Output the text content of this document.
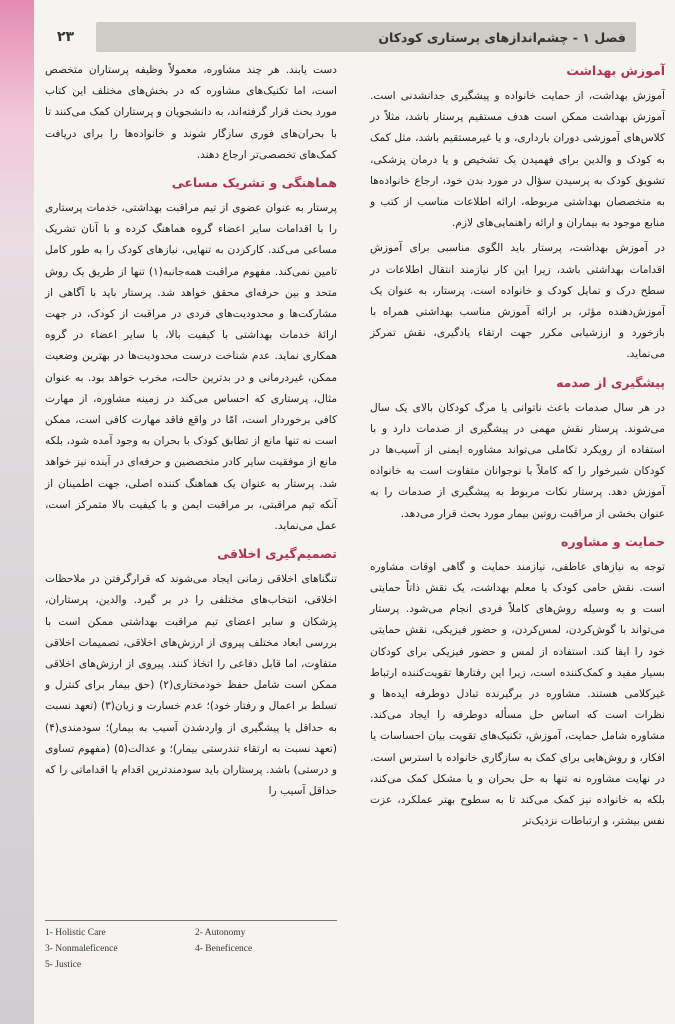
فصل ۱ - چشم‌اندازهای پرستاری کودکان
۲۳
آموزش بهداشت

آموزش بهداشت، از حمایت خانواده و پیشگیری جدانشدنی است. آموزش بهداشت ممکن است هدف مستقیم پرستار باشد، مثلاً در کلاس‌های آموزشی دوران بارداری، و یا غیرمستقیم باشد، مثل کمک به کودک و والدین برای فهمیدن یک تشخیص و یا درمان پزشکی، تشویق کودک به پرسیدن سؤال در مورد بدن خود، ارجاع خانواده‌ها به متخصصان بهداشتی مربوطه، ارائه اطلاعات مناسب از کتب و منابع موجود به بیماران و ارائه راهنمایی‌های لازم.

در آموزش بهداشت، پرستار باید الگوی مناسبی برای آموزش اقدامات بهداشتی باشد، زیرا این کار نیازمند انتقال اطلاعات در سطح درک و تمایل کودک و خانواده است. پرستار، به عنوان یک آموزش‌دهنده مؤثر، بر ارائه آموزش مناسب بهداشتی همراه با بازخورد و ارزشیابی مکرر جهت ارتقاء یادگیری، نقش تمرکز می‌نماید.

پیشگیری از صدمه

در هر سال صدمات باعث ناتوانی یا مرگ کودکان بالای یک سال می‌شوند. پرستار نقش مهمی در پیشگیری از صدمات دارد و با استفاده از رویکرد تکاملی می‌تواند مشاوره ایمنی از آسیب‌ها در کودکان شیرخوار را که کاملاً با نوجوانان متفاوت است به خانواده آموزش دهد. پرستار نکات مربوط به پیشگیری از صدمات را به عنوان بخشی از مراقبت روتین بیمار مورد بحث قرار می‌دهد.

حمایت و مشاوره

توجه به نیازهای عاطفی، نیازمند حمایت و گاهی اوقات مشاوره است. نقش حامی کودک یا معلم بهداشت، یک نقش ذاتاً حمایتی است و به وسیله روش‌های کاملاً فردی انجام می‌شود. پرستار می‌تواند با گوش‌کردن، لمس‌کردن، و حضور فیزیکی، نقش حمایتی خود را ایفا کند. استفاده از لمس و حضور فیزیکی برای کودکان بسیار مفید و کمک‌کننده است، زیرا این رفتارها تقویت‌کننده ارتباط غیرکلامی هستند. مشاوره در برگیرنده تبادل دوطرفه ایده‌ها و نظرات است که اساس حل مسأله دوطرفه را ایجاد می‌کند. مشاوره شامل حمایت، آموزش، تکنیک‌های تقویت بیان احساسات یا افکار، و روش‌هایی برای کمک به سازگاری خانواده با استرس است. در نهایت مشاوره نه تنها به حل بحران و یا مشکل کمک می‌کند، بلکه به خانواده نیز کمک می‌کند تا به سطوح بهتر عملکرد، عزت نفس بیشتر، و ارتباطات نزدیک‌تر

دست یابند. هر چند مشاوره، معمولاً وظیفه پرستاران متخصص است، اما تکنیک‌های مشاوره که در بخش‌های مختلف این کتاب مورد بحث قرار گرفته‌اند، به دانشجویان و پرستاران کمک می‌کنند تا با بحران‌های فوری سازگار شوند و خانواده‌ها را برای دریافت کمک‌های تخصصی‌تر ارجاع دهند.

هماهنگی و تشریک مساعی

پرستار به عنوان عضوی از تیم مراقبت بهداشتی، خدمات پرستاری را با اقدامات سایر اعضاء گروه هماهنگ کرده و با آنان تشریک مساعی می‌کند. کارکردن به تنهایی، نیازهای کودک را به طور کامل تامین نمی‌کند. مفهوم مراقبت همه‌جانبه(۱) تنها از طریق یک روش متحد و بین حرفه‌ای محقق خواهد شد. پرستار باید با آگاهی از مشارکت‌ها و محدودیت‌های فردی در مراقبت از کودک، در جهت ارائهٔ خدمات بهداشتی با کیفیت بالا، با سایر اعضاء در گروه همکاری نماید. عدم شناخت درست محدودیت‌ها در بهترین وضعیت ممکن، غیردرمانی و در بدترین حالت، مخرب خواهد بود. به عنوان مثال، پرستاری که احساس می‌کند در زمینه مشاوره، از مهارت کافی برخوردار است، امّا در واقع فاقد مهارت کافی است، ممکن است نه تنها مانع از تطابق کودک با بحران به وجود آمده شود، بلکه مانع از موفقیت سایر کادر متخصصین و حرفه‌ای در آینده نیز خواهد شد. پرستار به عنوان یک هماهنگ کننده اصلی، جهت اطمینان از آنکه تیم مراقبتی، بر مراقبت ایمن و با کیفیت بالا متمرکز است، عمل می‌نماید.

تصمیم‌گیری اخلاقی

تنگناهای اخلاقی زمانی ایجاد می‌شوند که قرارگرفتن در ملاحظات اخلاقی، انتخاب‌های مختلفی را در بر گیرد. والدین، پرستاران، پزشکان و سایر اعضای تیم مراقبت بهداشتی ممکن است با بررسی ابعاد مختلف پیروی از ارزش‌های اخلاقی، تصمیمات اخلاقی متفاوت، اما قابل دفاعی را اتخاذ کنند. پیروی از ارزش‌های اخلاقی ممکن است شامل حفظ خودمختاری(۲) (حق بیمار برای کنترل و تسلط بر اعمال و رفتار خود)؛ عدم خسارت و زیان(۳) (تعهد نسبت به حداقل یا پیشگیری از واردشدن آسیب به بیمار)؛ سودمندی(۴) (تعهد نسبت به ارتقاء تندرستی بیمار)؛ و عدالت(۵) (مفهوم تساوی و درستی) باشد. پرستاران باید سودمندترین اقدام یا اقداماتی را که حداقل آسیب را

1- Holistic Care	2- Autonomy
3- Nonmaleficence	4- Beneficence
5- Justice
